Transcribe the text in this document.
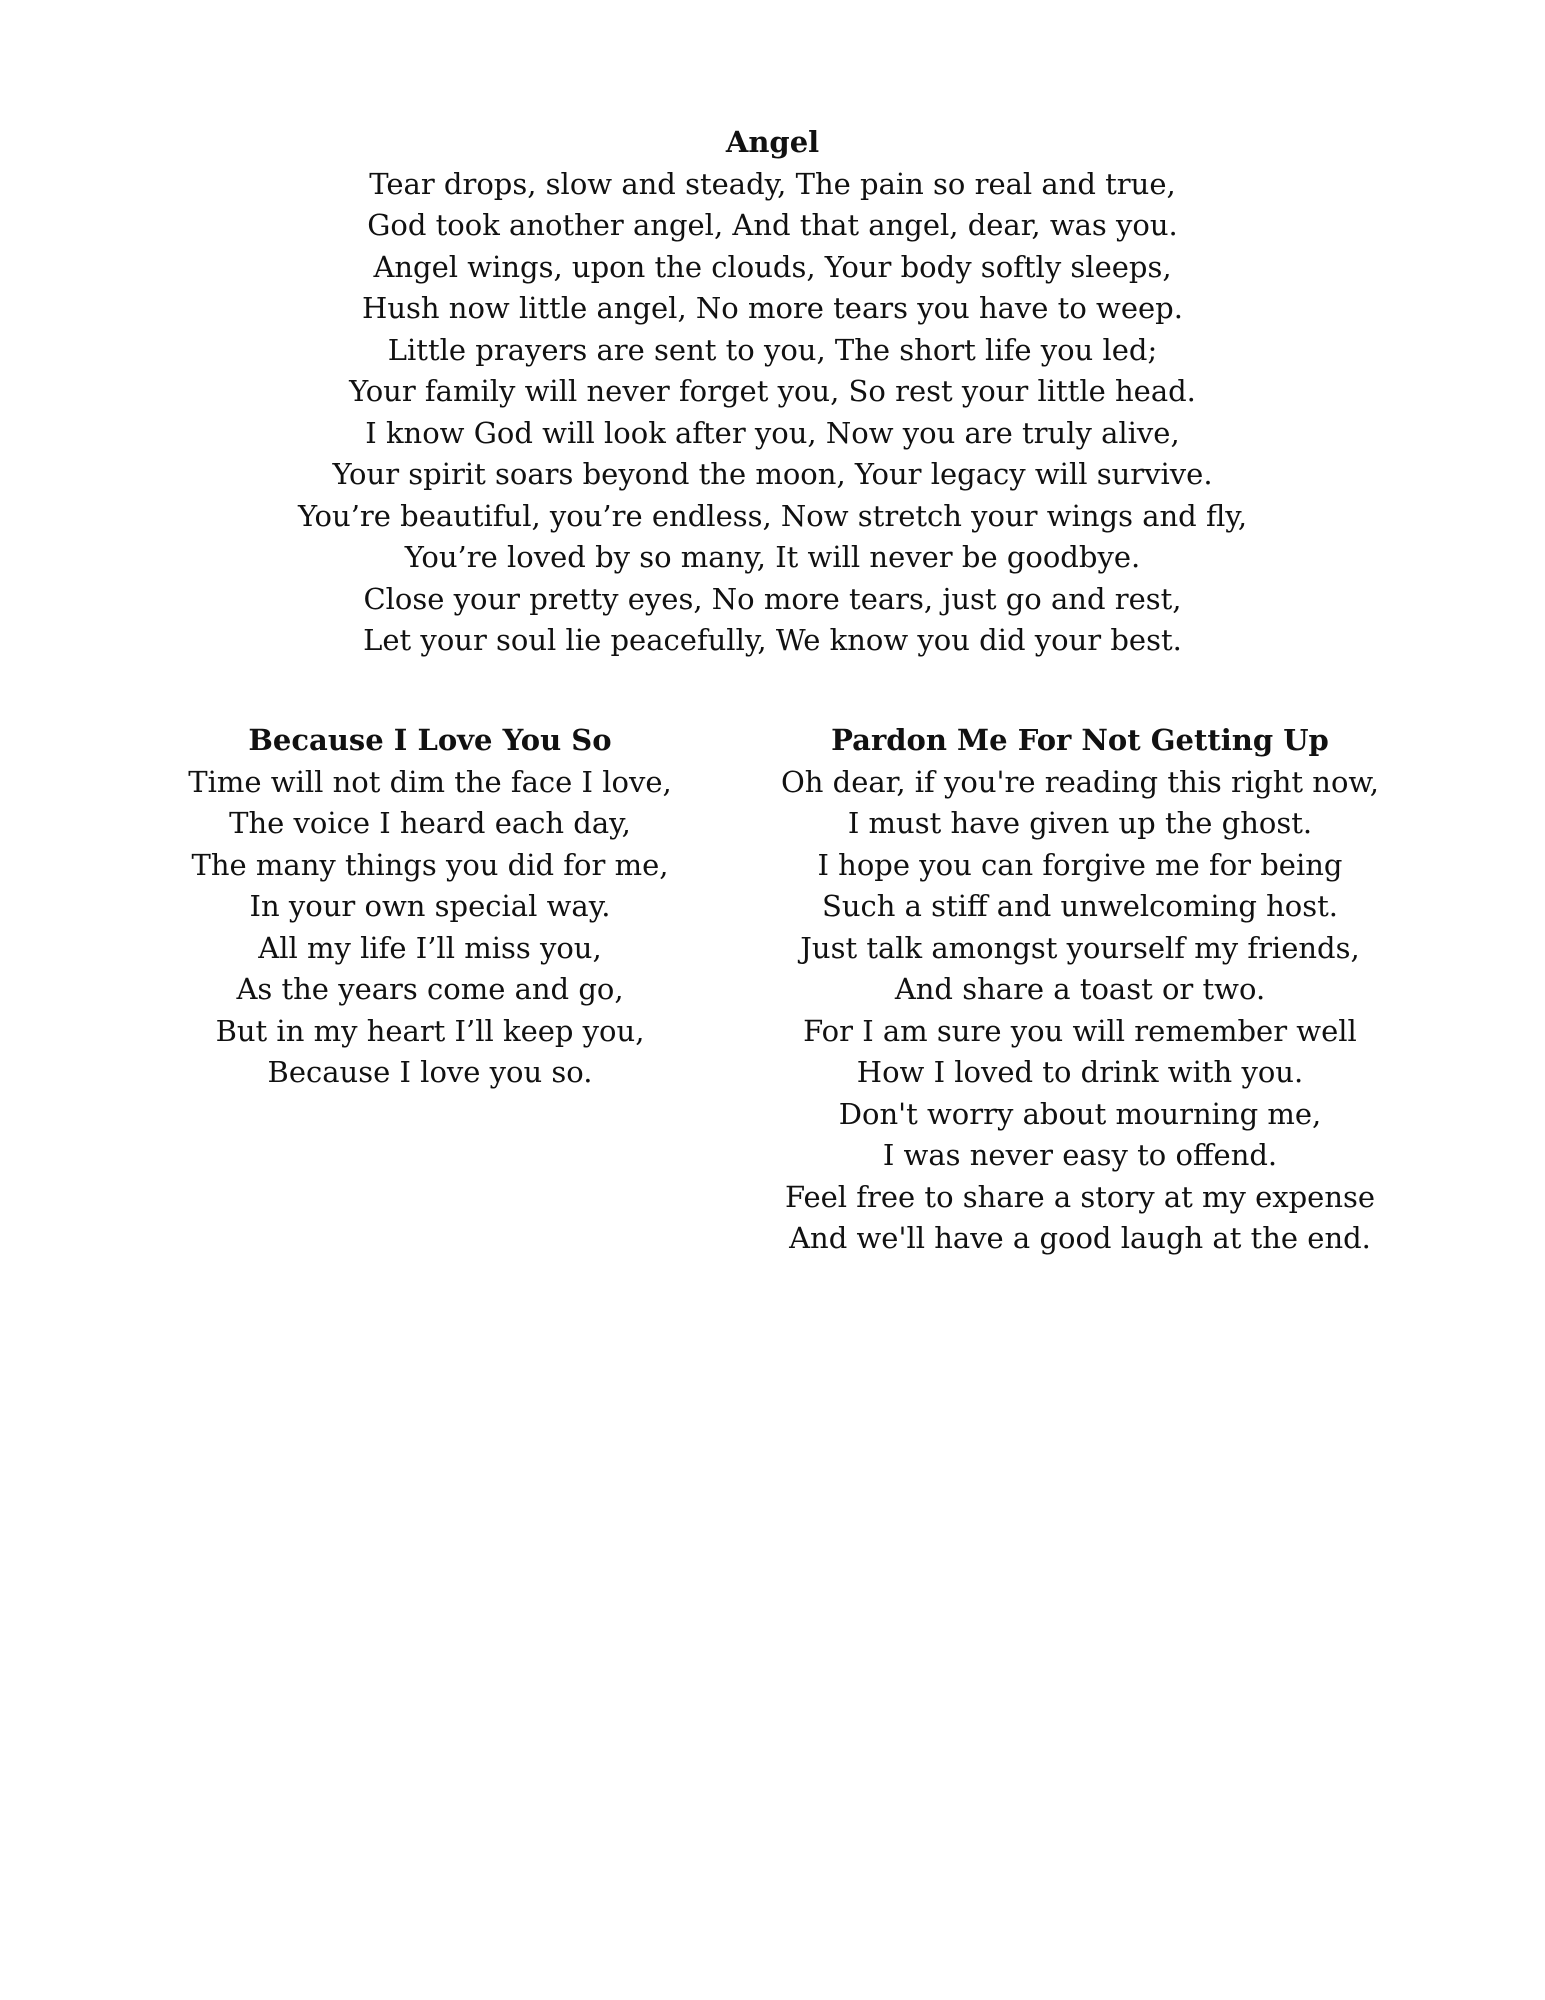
Angel

Tear drops, slow and steady, The pain so real and true,

God took another angel, And that angel, dear, was you.

Angel wings, upon the clouds, Your body softly sleeps,

Hush now little angel, No more tears you have to weep.

Little prayers are sent to you, The short life you led;

Your family will never forget you, So rest your little head.

I know God will look after you, Now you are truly alive,

Your spirit soars beyond the moon, Your legacy will survive.

You’re beautiful, you’re endless, Now stretch your wings and fly,

You’re loved by so many, It will never be goodbye.

Close your pretty eyes, No more tears, just go and rest,

Let your soul lie peacefully, We know you did your best.

Because I Love You So

Time will not dim the face I love,

The voice I heard each day,

The many things you did for me,

In your own special way.

All my life I’ll miss you,

As the years come and go,

But in my heart I’ll keep you,

Because I love you so.

Pardon Me For Not Getting Up

Oh dear, if you're reading this right now,

I must have given up the ghost.

I hope you can forgive me for being

Such a stiff and unwelcoming host.

Just talk amongst yourself my friends,

And share a toast or two.

For I am sure you will remember well

How I loved to drink with you.

Don't worry about mourning me,

I was never easy to offend.

Feel free to share a story at my expense

And we'll have a good laugh at the end.
